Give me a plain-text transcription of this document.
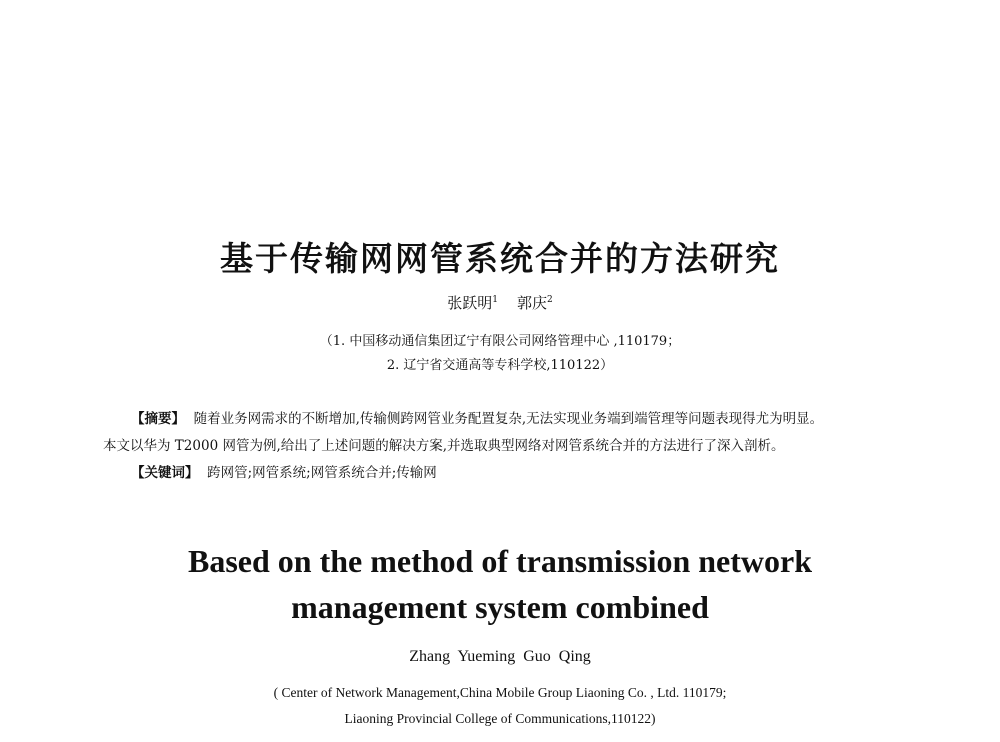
基于传输网网管系统合并的方法研究
张跃明$^1$ 郭庆$^2$
（1. 中国移动通信集团辽宁有限公司网络管理中心 ,110179；
2. 辽宁省交通高等专科学校,110122）
【摘要】 随着业务网需求的不断增加,传输侧跨网管业务配置复杂,无法实现业务端到端管理等问题表现得尤为明显。
本文以华为 T2000 网管为例,给出了上述问题的解决方案,并选取典型网络对网管系统合并的方法进行了深入剖析。
【关键词】 跨网管;网管系统;网管系统合并;传输网
Based on the method of transmission network
management system combined
Zhang Yueming Guo Qing
( Center of Network Management,China Mobile Group Liaoning Co. , Ltd. 110179;
Liaoning Provincial College of Communications,110122)
